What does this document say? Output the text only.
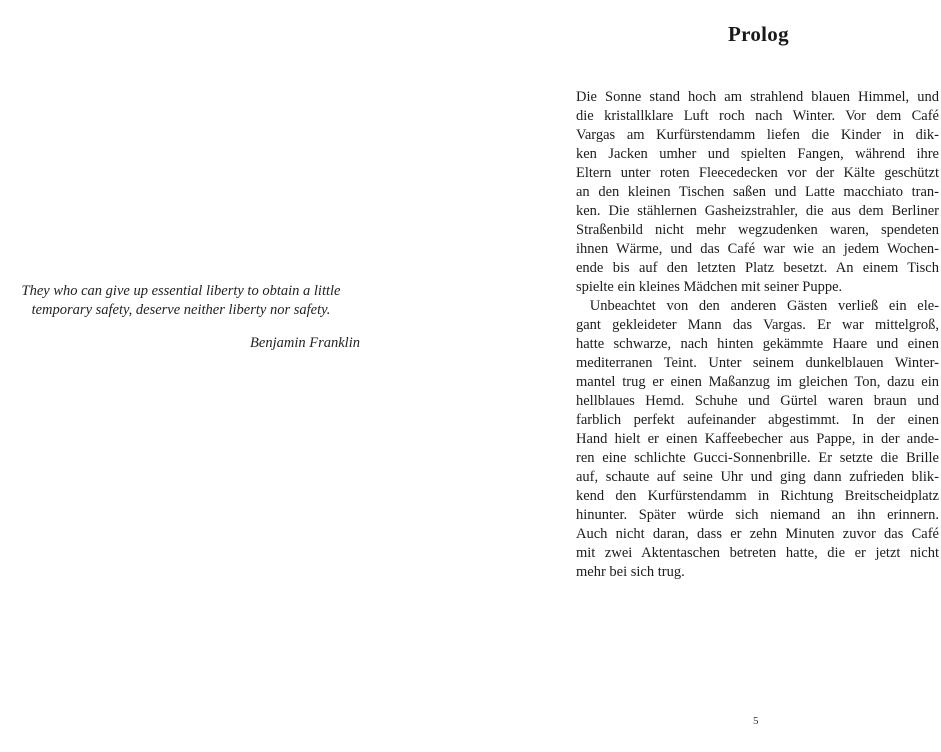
They who can give up essential liberty to obtain a little
temporary safety, deserve neither liberty nor safety.
Benjamin Franklin
Prolog
Die Sonne stand hoch am strahlend blauen Himmel, und
die kristallklare Luft roch nach Winter. Vor dem Café
Vargas am Kurfürstendamm liefen die Kinder in dik-
ken Jacken umher und spielten Fangen, während ihre
Eltern unter roten Fleecedecken vor der Kälte geschützt
an den kleinen Tischen saßen und Latte macchiato tran-
ken. Die stählernen Gasheizstrahler, die aus dem Berliner
Straßenbild nicht mehr wegzudenken waren, spendeten
ihnen Wärme, und das Café war wie an jedem Wochen-
ende bis auf den letzten Platz besetzt. An einem Tisch
spielte ein kleines Mädchen mit seiner Puppe.
Unbeachtet von den anderen Gästen verließ ein ele-
gant gekleideter Mann das Vargas. Er war mittelgroß,
hatte schwarze, nach hinten gekämmte Haare und einen
mediterranen Teint. Unter seinem dunkelblauen Winter-
mantel trug er einen Maßanzug im gleichen Ton, dazu ein
hellblaues Hemd. Schuhe und Gürtel waren braun und
farblich perfekt aufeinander abgestimmt. In der einen
Hand hielt er einen Kaffeebecher aus Pappe, in der ande-
ren eine schlichte Gucci-Sonnenbrille. Er setzte die Brille
auf, schaute auf seine Uhr und ging dann zufrieden blik-
kend den Kurfürstendamm in Richtung Breitscheidplatz
hinunter. Später würde sich niemand an ihn erinnern.
Auch nicht daran, dass er zehn Minuten zuvor das Café
mit zwei Aktentaschen betreten hatte, die er jetzt nicht
mehr bei sich trug.
5
